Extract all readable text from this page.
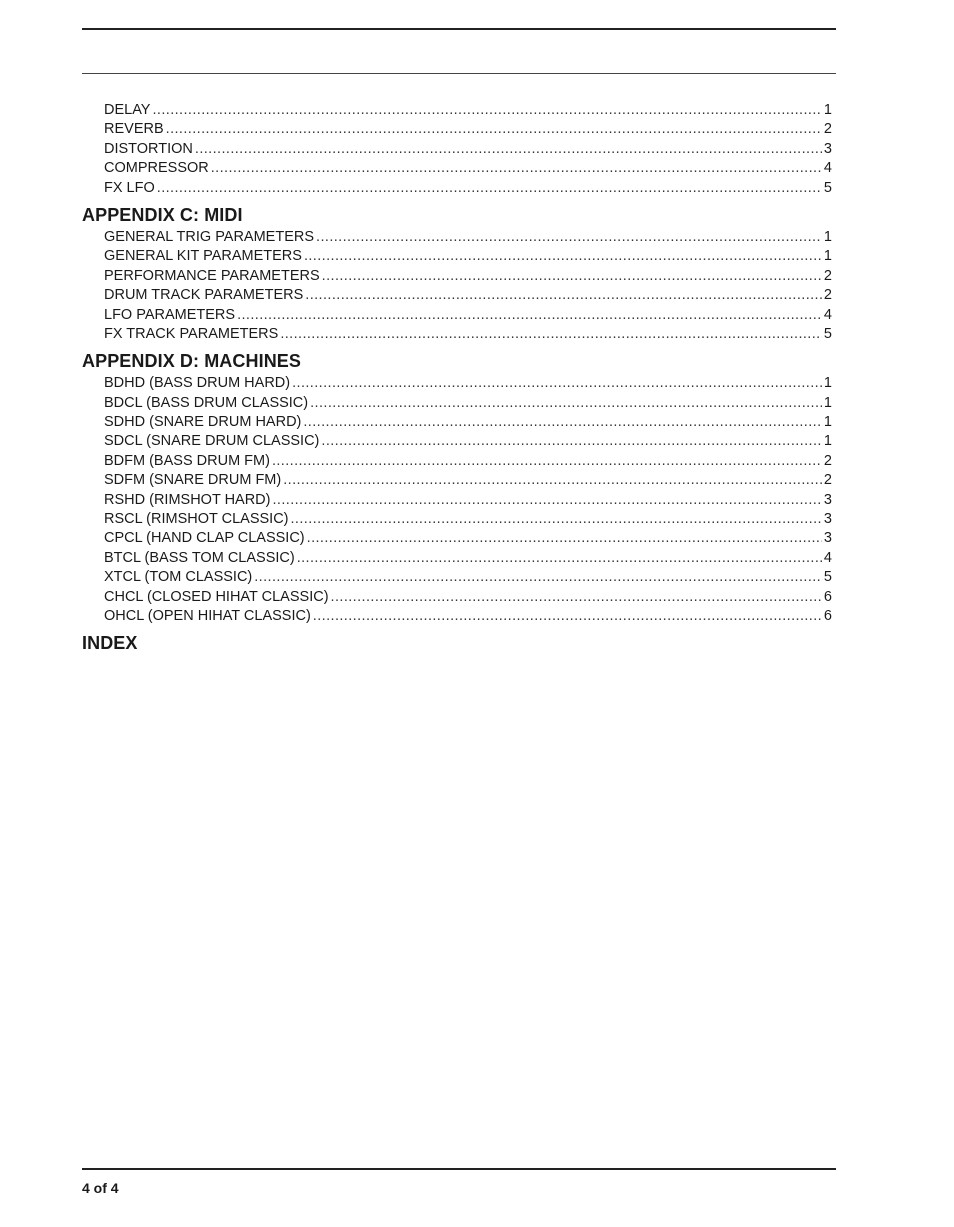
DELAY .....	1
REVERB .....	2
DISTORTION .....	3
COMPRESSOR .....	4
FX LFO .....	5
APPENDIX C: MIDI
GENERAL TRIG PARAMETERS .....	1
GENERAL KIT PARAMETERS .....	1
PERFORMANCE PARAMETERS .....	2
DRUM TRACK PARAMETERS .....	2
LFO PARAMETERS .....	4
FX TRACK PARAMETERS .....	5
APPENDIX D: MACHINES
BDHD (BASS DRUM HARD) .....	1
BDCL (BASS DRUM CLASSIC) .....	1
SDHD (SNARE DRUM HARD) .....	1
SDCL (SNARE DRUM CLASSIC) .....	1
BDFM (BASS DRUM FM) .....	2
SDFM (SNARE DRUM FM) .....	2
RSHD (RIMSHOT HARD) .....	3
RSCL (RIMSHOT CLASSIC) .....	3
CPCL (HAND CLAP CLASSIC) .....	3
BTCL (BASS TOM CLASSIC) .....	4
XTCL (TOM CLASSIC) .....	5
CHCL (CLOSED HIHAT CLASSIC) .....	6
OHCL (OPEN HIHAT CLASSIC) .....	6
INDEX
4 of 4
